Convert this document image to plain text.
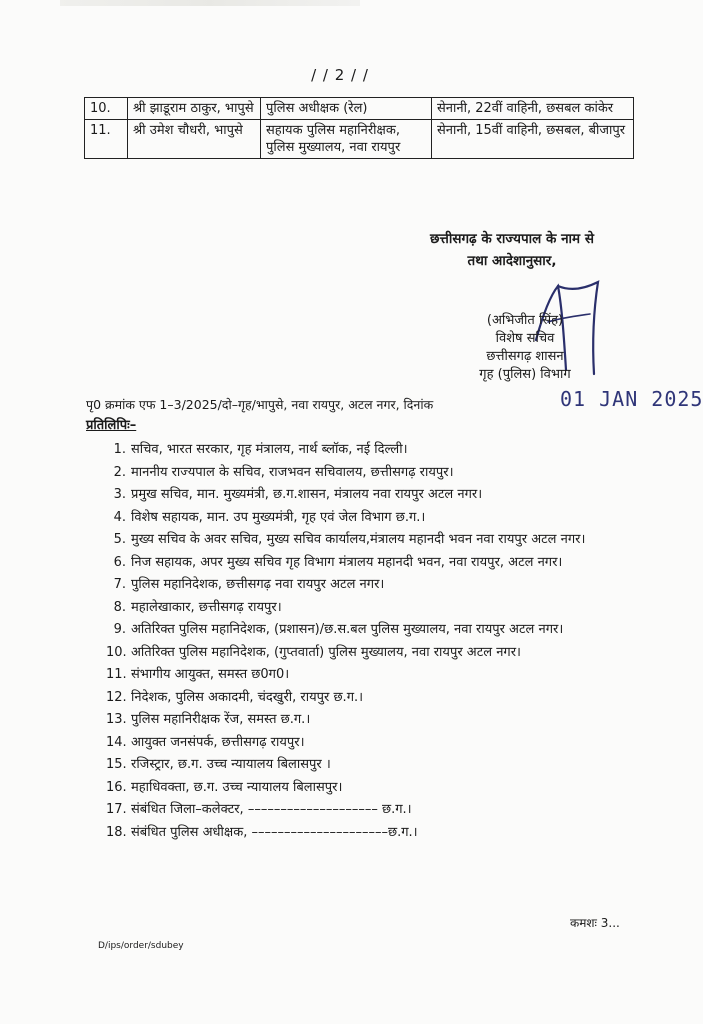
/ / 2 / /
10.	श्री झाडूराम ठाकुर, भापुसे	पुलिस अधीक्षक (रेल)	सेनानी, 22वीं वाहिनी, छसबल कांकेर
11.	श्री उमेश चौधरी, भापुसे	सहायक पुलिस महानिरीक्षक, पुलिस मुख्यालय, नवा रायपुर	सेनानी, 15वीं वाहिनी, छसबल, बीजापुर
छत्तीसगढ़ के राज्यपाल के नाम से
तथा आदेशानुसार,
(अभिजीत सिंह)
विशेष सचिव
छत्तीसगढ़ शासन
गृह (पुलिस) विभाग
पृ0 क्रमांक एफ 1–3/2025/दो–गृह/भापुसे, नवा रायपुर, अटल नगर, दिनांक	01 JAN 2025
प्रतिलिपिः–
1. सचिव, भारत सरकार, गृह मंत्रालय, नार्थ ब्लॉक, नई दिल्ली।
2. माननीय राज्यपाल के सचिव, राजभवन सचिवालय, छत्तीसगढ़ रायपुर।
3. प्रमुख सचिव, मान. मुख्यमंत्री, छ.ग.शासन, मंत्रालय नवा रायपुर अटल नगर।
4. विशेष सहायक, मान. उप मुख्यमंत्री, गृह एवं जेल विभाग छ.ग.।
5. मुख्य सचिव के अवर सचिव, मुख्य सचिव कार्यालय,मंत्रालय महानदी भवन नवा रायपुर अटल नगर।
6. निज सहायक, अपर मुख्य सचिव गृह विभाग मंत्रालय महानदी भवन, नवा रायपुर, अटल नगर।
7. पुलिस महानिदेशक, छत्तीसगढ़ नवा रायपुर अटल नगर।
8. महालेखाकार, छत्तीसगढ़ रायपुर।
9. अतिरिक्त पुलिस महानिदेशक, (प्रशासन)/छ.स.बल पुलिस मुख्यालय, नवा रायपुर अटल नगर।
10. अतिरिक्त पुलिस महानिदेशक, (गुप्तवार्ता) पुलिस मुख्यालय, नवा रायपुर अटल नगर।
11. संभागीय आयुक्त, समस्त छ0ग0।
12. निदेशक, पुलिस अकादमी, चंदखुरी, रायपुर छ.ग.।
13. पुलिस महानिरीक्षक रेंज, समस्त छ.ग.।
14. आयुक्त जनसंपर्क, छत्तीसगढ़ रायपुर।
15. रजिस्ट्रार, छ.ग. उच्च न्यायालय बिलासपुर ।
16. महाधिवक्ता, छ.ग. उच्च न्यायालय बिलासपुर।
17. संबंधित जिला–कलेक्टर, –––––––––––––––––––– छ.ग.।
18. संबंधित पुलिस अधीक्षक, –––––––––––––––––––––छ.ग.।
कमशः 3...
D/ips/order/sdubey
